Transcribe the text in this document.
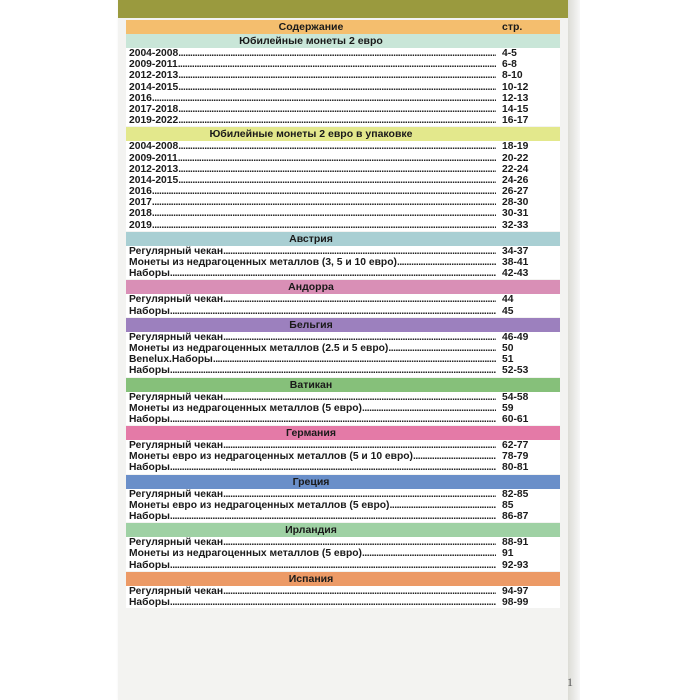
Содержание	стр.
Юбилейные монеты 2 евро
2004-2008 .....	4-5
2009-2011 .....	6-8
2012-2013 .....	8-10
2014-2015 .....	10-12
2016 .....	12-13
2017-2018 .....	14-15
2019-2022 .....	16-17
Юбилейные монеты 2 евро в упаковке
2004-2008 .....	18-19
2009-2011 .....	20-22
2012-2013 .....	22-24
2014-2015 .....	24-26
2016 .....	26-27
2017 .....	28-30
2018 .....	30-31
2019 .....	32-33
Австрия
Регулярный чекан .....	34-37
Монеты из недрагоценных металлов (3, 5 и 10 евро) .....	38-41
Наборы .....	42-43
Андорра
Регулярный чекан .....	44
Наборы .....	45
Бельгия
Регулярный чекан .....	46-49
Монеты из недрагоценных металлов (2.5 и 5 евро) .....	50
Benelux.Наборы .....	51
Наборы .....	52-53
Ватикан
Регулярный чекан .....	54-58
Монеты из недрагоценных металлов (5 евро) .....	59
Наборы .....	60-61
Германия
Регулярный чекан .....	62-77
Монеты евро из недрагоценных металлов (5 и 10 евро) .....	78-79
Наборы .....	80-81
Греция
Регулярный чекан .....	82-85
Монеты евро из недрагоценных металлов (5 евро) .....	85
Наборы .....	86-87
Ирландия
Регулярный чекан .....	88-91
Монеты из недрагоценных металлов (5 евро) .....	91
Наборы .....	92-93
Испания
Регулярный чекан .....	94-97
Наборы .....	98-99
1
